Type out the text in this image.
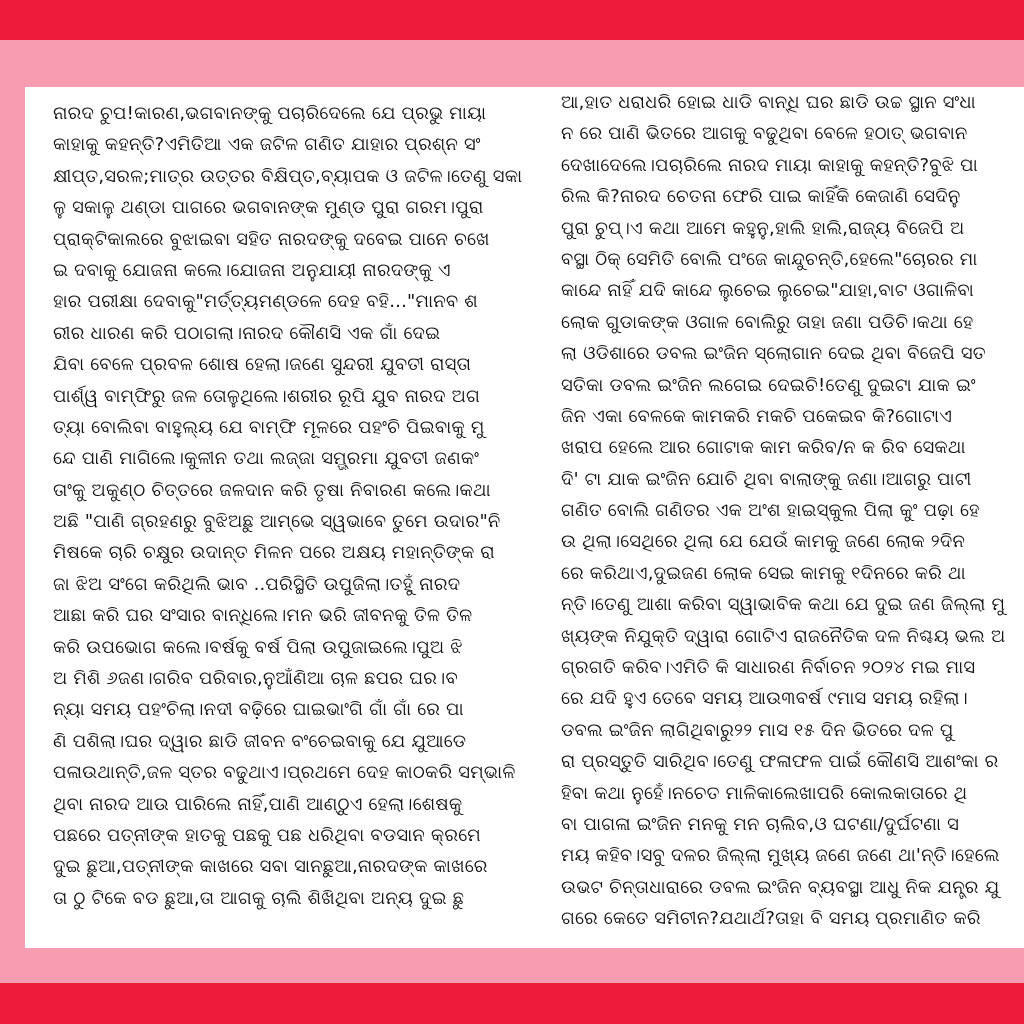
ନାରଦ ଚୁପ!କାରଣ,ଭଗବାନଙ୍କୁ ପଚାରିଦେଲେ ଯେ ପ୍ରଭୁ ମାୟା
କାହାକୁ କହନ୍ତି?ଏମିତିଆ ଏକ ଜଟିଳ ଗଣିତ ଯାହାର ପ୍ରଶ୍ନ ସଂ
କ୍ଷୀପ୍ତ,ସରଳ;ମାତ୍ର ଉତ୍ତର ବିକ୍ଷିପ୍ତ,ବ୍ୟାପକ ଓ ଜଟିଳ।ତେଣୁ ସକା
ଳୁ ସକାଳୁ ଥଣ୍ଡା ପାଗରେ ଭଗବାନଙ୍କ ମୁଣ୍ଡ ପୁରା ଗରମ।ପୁରା
ପ୍ରାକ୍ଟିକାଲରେ ବୁଝାଇବା ସହିତ ନାରଦଙ୍କୁ ଦବେଇ ପାନେ ଚଖେ
ଇ ଦବାକୁ ଯୋଜନା କଲେ।ଯୋଜନା ଅନୁଯାୟୀ ନାରଦଙ୍କୁ ଏ
ହାର ପରୀକ୍ଷା ଦେବାକୁ"ମର୍ତ୍ତ୍ୟମଣ୍ଡଳେ ଦେହ ବହି..."ମାନବ ଶ
ରୀର ଧାରଣ କରି ପଠାଗଲା।ନାରଦ କୌଣସି ଏକ ଗାଁ ଦେଇ
ଯିବା ବେଳେ ପ୍ରବଳ ଶୋଷ ହେଲା।ଜଣେ ସୁନ୍ଦରୀ ଯୁବତୀ ରାସ୍ତା
ପାର୍ଶ୍ୱ ବାମ୍ଫିରୁ ଜଳ ତୋଳୁଥିଲେ।ଶରୀର ରୂପି ଯୁବ ନାରଦ ଅଗ
ତ୍ୟା ବୋଲିବା ବାହୁଲ୍ୟ ଯେ ବାମ୍ଫି ମୂଳରେ ପହଂଚି ପିଇବାକୁ ମୁ
ନ୍ଦେ ପାଣି ମାଗିଲେ।କୁଳୀନ ତଥା ଲଜ୍ଜା ସମ୍ଭ୍ରମା ଯୁବତୀ ଜଣକଂ
ତାଂକୁ ଅକୁଣ୍ଠ ଚିତ୍ତରେ ଜଳଦାନ କରି ତୃଷା ନିବାରଣ କଲେ।କଥା
ଅଛି "ପାଣି ଗ୍ରହଣରୁ ବୁଝିଅଛୁ ଆମ୍ଭେ ସ୍ୱଭାବେ ତୁମେ ଉଦାର"ନି
ମିଷକେ ଚାରି ଚକ୍ଷୁର ଉଦାନ୍ତ ମିଳନ ପରେ ଅକ୍ଷୟ ମହାନ୍ତିଙ୍କ ରା
ଜା ଝିଅ ସଂଗେ କରିଥିଲି ଭାବ ..ପରିସ୍ଥିତି ଉପୁଜିଲା।ତହୁଁ ନାରଦ
ଆଛା କରି ଘର ସଂସାର ବାନ୍ଧିଲେ।ମନ ଭରି ଜୀବନକୁ ତିଳ ତିଳ
କରି ଉପଭୋଗ କଲେ।ବର୍ଷକୁ ବର୍ଷ ପିଲା ଉପୁଜାଇଲେ।ପୁଅ ଝି
ଅ ମିଶି ୬ଜଣ।ଗରିବ ପରିବାର,ନୁଆଁଣିଆ ଚାଳ ଛପର ଘର।ବ
ନ୍ୟା ସମୟ ପହଂଚିଲା।ନଦୀ ବଢ଼ିରେ ଘାଇଭାଂଗି ଗାଁ ଗାଁ ରେ ପା
ଣି ପଶିଲା।ଘର ଦ୍ୱାର ଛାଡି ଜୀବନ ବଂଚେଇବାକୁ ଯେ ଯୁଆଡେ
ପଳାଉଥାନ୍ତି,ଜଳ ସ୍ତର ବଢୁଥାଏ।ପ୍ରଥମେ ଦେହ କାଠକରି ସମ୍ଭାଳି
ଥିବା ନାରଦ ଆଉ ପାରିଲେ ନାହିଁ,ପାଣି ଆଣ୍ଠୁଏ ହେଲା।ଶେଷକୁ
ପଛରେ ପତ୍ନୀଙ୍କ ହାତକୁ ପଛକୁ ପଛ ଧରିଥିବା ବଡସାନ କ୍ରମେ
ଦୁଇ ଛୁଆ,ପତ୍ନୀଙ୍କ କାଖରେ ସବା ସାନଛୁଆ,ନାରଦଙ୍କ କାଖରେ
ତା ଠୁ ଟିକେ ବଡ ଛୁଆ,ତା ଆଗକୁ ଚାଲି ଶିଖିଥିବା ଅନ୍ୟ ଦୁଇ ଛୁ
ଆ,ହାତ ଧରାଧରି ହୋଇ ଧାଡି ବାନ୍ଧି ଘର ଛାଡି ଉଚ୍ଚ ସ୍ଥାନ ସଂଧା
ନ ରେ ପାଣି ଭିତରେ ଆଗକୁ ବଢୁଥିବା ବେଳେ ହଠାତ୍ ଭଗବାନ
ଦେଖାଦେଲେ।ପଚାରିଲେ ନାରଦ ମାୟା କାହାକୁ କହନ୍ତି?ବୁଝି ପା
ରିଲ କି?ନାରଦ ଚେତନା ଫେରି ପାଇ କାହିଁକି କେଜାଣି ସେଦିନୁ
ପୁରା ଚୁପ୍।ଏ କଥା ଆମେ କହୁନୁ,ହାଲି ହାଲି,ରାଜ୍ୟ ବିଜେପି ଅ
ବସ୍ଥା ଠିକ୍ ସେମିତି ବୋଲି ପଂଜେ କାନ୍ଦୁଚନ୍ତି,ହେଲେ"ଚୋରର ମା
କାନ୍ଦେ ନାହିଁ ଯଦି କାନ୍ଦେ ଲୁଚେଇ ଲୁଚେଇ"ଯାହା,ବାଟ ଓଗାଳିବା
ଲୋକ ଗୁଡାକଙ୍କ ଓଗାଳ ବୋଲିରୁ ତାହା ଜଣା ପଡିଚି।କଥା ହେ
ଲା ଓଡିଶାରେ ଡବଲ ଇଂଜିନ ସ୍ଲୋଗାନ ଦେଇ ଥିବା ବିଜେପି ସତ
ସତିକା ଡବଲ ଇଂଜିନ ଲଗେଇ ଦେଇଚି!ତେଣୁ ଦୁଇଟା ଯାକ ଇଂ
ଜିନ ଏକା ବେଳକେ କାମକରି ମକଚି ପକେଇବ କି?ଗୋଟାଏ
ଖରାପ ହେଲେ ଆର ଗୋଟାକ କାମ କରିବ/ନ କ ରିବ ସେକଥା
ଦି' ଟା ଯାକ ଇଂଜିନ ଯୋଚି ଥିବା ବାଲାଙ୍କୁ ଜଣା।ଆଗରୁ ପାଟୀ
ଗଣିତ ବୋଲି ଗଣିତର ଏକ ଅଂଶ ହାଇସ୍କୁଲ ପିଲା କୁଂ ପଢ଼ା ହେ
ଉ ଥିଲା।ସେଥିରେ ଥିଲା ଯେ ଯେଉଁ କାମକୁ ଜଣେ ଲୋକ ୨ଦିନ
ରେ କରିଥାଏ,ଦୁଇଜଣ ଲୋକ ସେଇ କାମକୁ ୧ଦିନରେ କରି ଥା
ନ୍ତି।ତେଣୁ ଆଶା କରିବା ସ୍ୱାଭାବିକ କଥା ଯେ ଦୁଇ ଜଣ ଜିଲ୍ଲା ମୁ
ଖ୍ୟଙ୍କ ନିଯୁକ୍ତି ଦ୍ୱାରା ଗୋଟିଏ ରାଜନୈତିକ ଦଳ ନିଶ୍ଚୟ ଭଲ ଅ
ଗ୍ରଗତି କରିବ।ଏମିତି କି ସାଧାରଣ ନିର୍ବାଚନ ୨୦୨୪ ମଇ ମାସ
ରେ ଯଦି ହୁଏ ତେବେ ସମୟ ଆଉ୩ବର୍ଷ ୯ମାସ ସମୟ ରହିଲା।
ଡବଲ ଇଂଜିନ ଲାଗିଥିବାରୁ୨୨ ମାସ ୧୫ ଦିନ ଭିତରେ ଦଳ ପୁ
ରା ପ୍ରସ୍ତୁତି ସାରିଥିବ।ତେଣୁ ଫଳାଫଳ ପାଇଁ କୌଣସି ଆଶଂକା ର
ହିବା କଥା ନୁହେଁ।ନଚେତ ମାଳିକାଲେଖାପରି କୋଲକାତାରେ ଥି
ବା ପାଗଳା ଇଂଜିନ ମନକୁ ମନ ଚାଲିବ,ଓ ଘଟଣା/ଦୁର୍ଘଟଣା ସ
ମୟ କହିବ।ସବୁ ଦଳର ଜିଲ୍ଲା ମୁଖ୍ୟ ଜଣେ ଜଣେ ଥା'ନ୍ତି।ହେଲେ
ଉଭଟ ଚିନ୍ତାଧାରାରେ ଡବଲ ଇଂଜିନ ବ୍ୟବସ୍ଥା ଆଧୁ ନିକ ଯନ୍ତ୍ର ଯୁ
ଗରେ କେତେ ସମିଚୀନ?ଯଥାର୍ଥ?ତାହା ବି ସମୟ ପ୍ରମାଣିତ କରି
